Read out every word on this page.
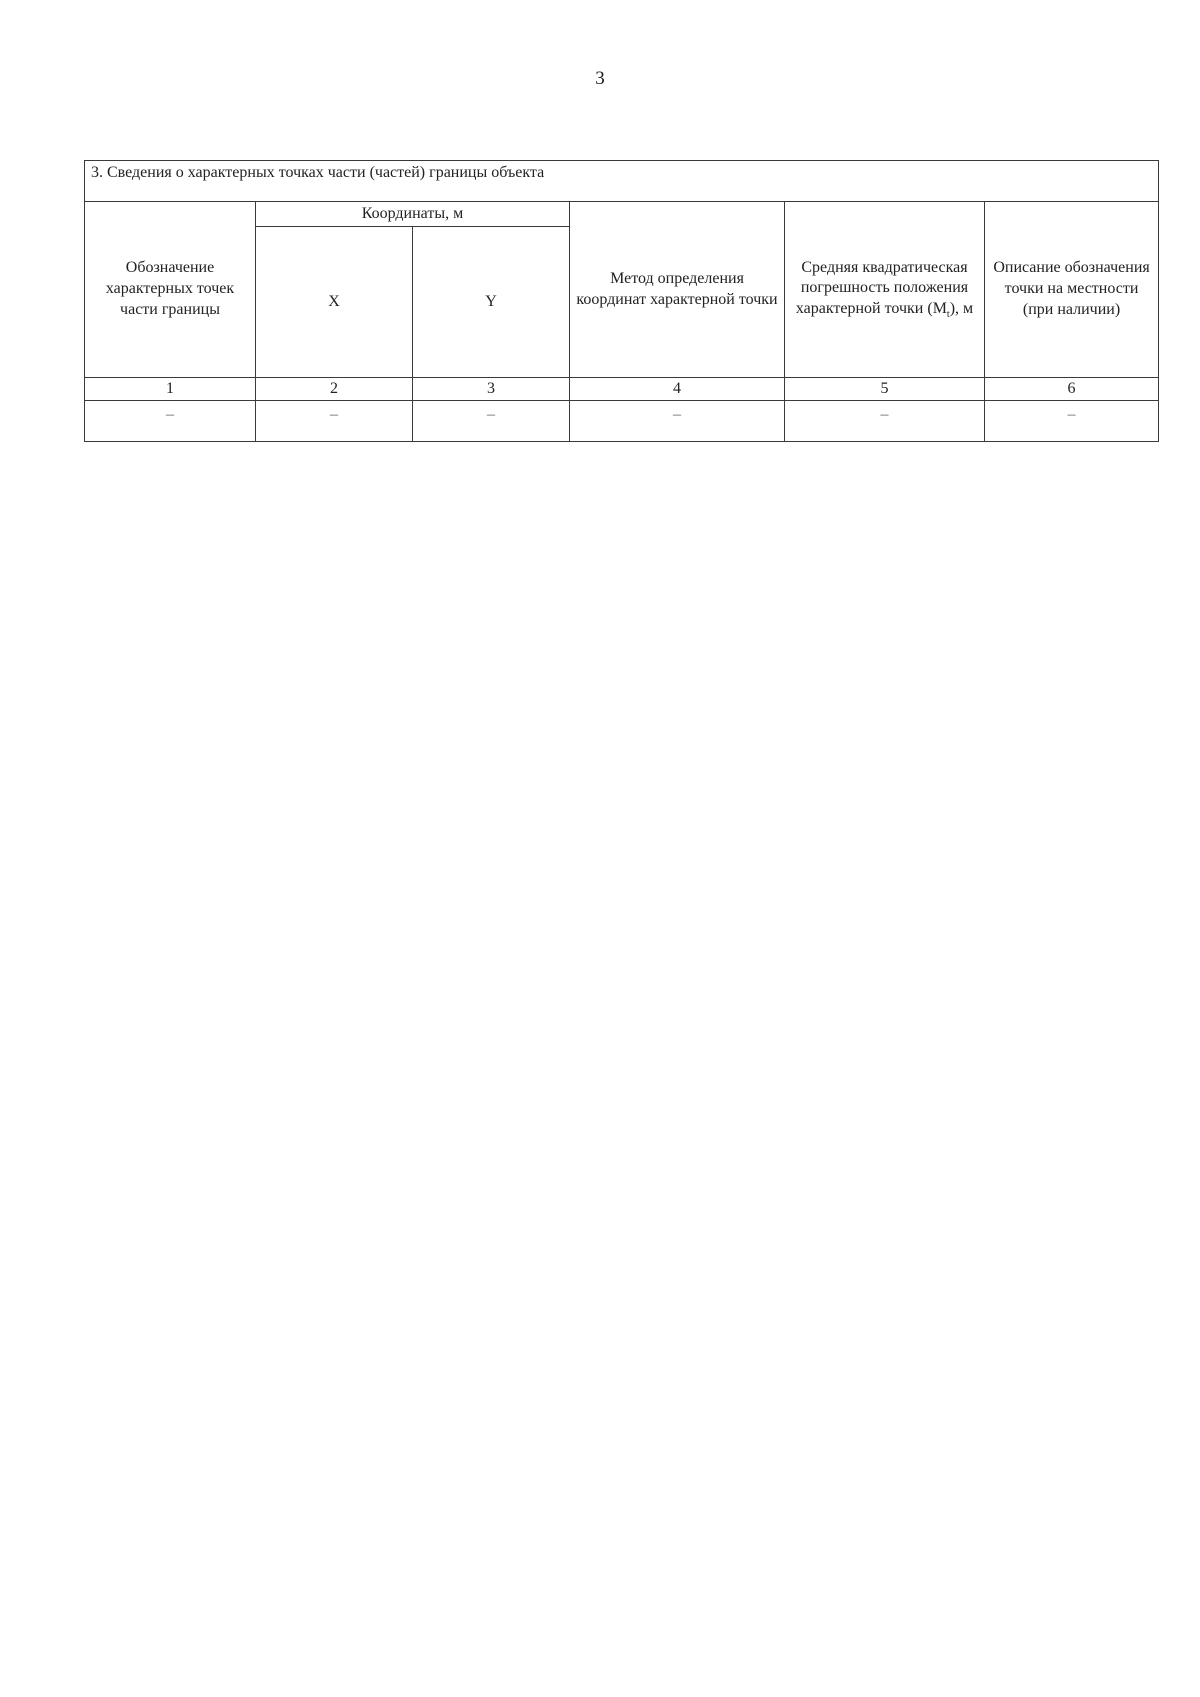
3
3. Сведения о характерных точках части (частей) границы объекта					
Обозначение характерных точек части границы	Координаты, м		Метод определения координат характерной точки	Средняя квадратическая погрешность положения характерной точки $(M_t)$, м	Описание обозначения точки на местности (при наличии)
	X	Y			
1	2	3	4	5	6
–	–	–	–	–	–
